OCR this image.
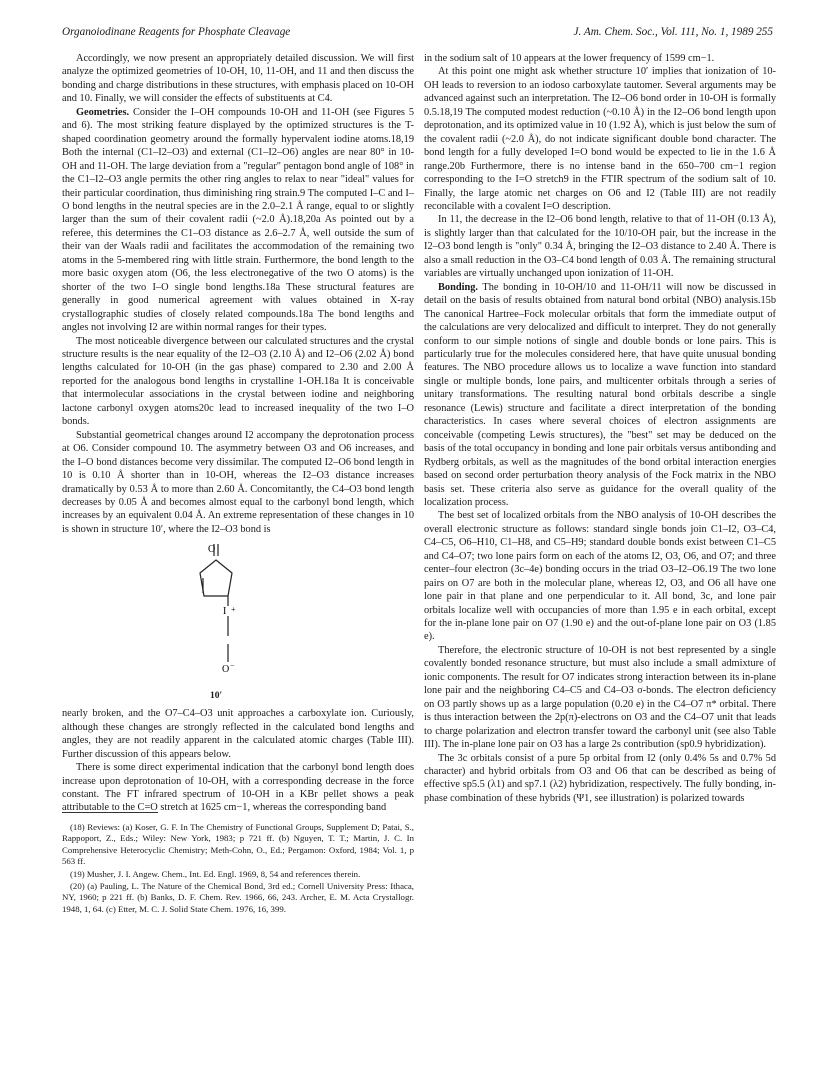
Organoiodinane Reagents for Phosphate Cleavage	J. Am. Chem. Soc., Vol. 111, No. 1, 1989 255

Accordingly, we now present an appropriately detailed discussion. We will first analyze the optimized geometries of 10-OH, 10, 11-OH, and 11 and then discuss the bonding and charge distributions in these structures, with emphasis placed on 10-OH and 10. Finally, we will consider the effects of substituents at C4.

Geometries. Consider the I–OH compounds 10-OH and 11-OH (see Figures 5 and 6). The most striking feature displayed by the optimized structures is the T-shaped coordination geometry around the formally hypervalent iodine atoms.18,19 Both the internal (C1–I2–O3) and external (C1–I2–O6) angles are near 80° in 10-OH and 11-OH. The large deviation from a "regular" pentagon bond angle of 108° in the C1–I2–O3 angle permits the other ring angles to relax to near "ideal" values for their particular coordination, thus diminishing ring strain.9 The computed I–C and I–O bond lengths in the neutral species are in the 2.0–2.1 Å range, equal to or slightly larger than the sum of their covalent radii (~2.0 Å).18,20a As pointed out by a referee, this determines the C1–O3 distance as 2.6–2.7 Å, well outside the sum of their van der Waals radii and facilitates the accommodation of the remaining two atoms in the 5-membered ring with little strain. Furthermore, the bond length to the more basic oxygen atom (O6, the less electronegative of the two O atoms) is the shorter of the two I–O single bond lengths.18a These structural features are generally in good numerical agreement with values obtained in X-ray crystallographic studies of closely related compounds.18a The bond lengths and angles not involving I2 are within normal ranges for their types.

The most noticeable divergence between our calculated structures and the crystal structure results is the near equality of the I2–O3 (2.10 Å) and I2–O6 (2.02 Å) bond lengths calculated for 10-OH (in the gas phase) compared to 2.30 and 2.00 Å reported for the analogous bond lengths in crystalline 1-OH.18a It is conceivable that intermolecular associations in the crystal between iodine and neighboring lactone carbonyl oxygen atoms20c lead to increased inequality of the two I–O bonds.

Substantial geometrical changes around I2 accompany the deprotonation process at O6. Consider compound 10. The asymmetry between O3 and O6 increases, and the I–O bond distances become very dissimilar. The computed I2–O6 bond length in 10 is 0.10 Å shorter than in 10-OH, whereas the I2–O3 distance increases dramatically by 0.53 Å to more than 2.60 Å. Concomitantly, the C4–O3 bond length decreases by 0.05 Å and becomes almost equal to the carbonyl bond length, which increases by an equivalent 0.04 Å. An extreme representation of these changes in 10 is shown in structure 10′, where the I2–O3 bond is

O
I +
O −
10′

nearly broken, and the O7–C4–O3 unit approaches a carboxylate ion. Curiously, although these changes are strongly reflected in the calculated bond lengths and angles, they are not readily apparent in the calculated atomic charges (Table III). Further discussion of this appears below.

There is some direct experimental indication that the carbonyl bond length does increase upon deprotonation of 10-OH, with a corresponding decrease in the force constant. The FT infrared spectrum of 10-OH in a KBr pellet shows a peak attributable to the C=O stretch at 1625 cm−1, whereas the corresponding band

(18) Reviews: (a) Koser, G. F. In The Chemistry of Functional Groups, Supplement D; Patai, S., Rappoport, Z., Eds.; Wiley: New York, 1983; p 721 ff. (b) Nguyen, T. T.; Martin, J. C. In Comprehensive Heterocyclic Chemistry; Meth-Cohn, O., Ed.; Pergamon: Oxford, 1984; Vol. 1, p 563 ff.

(19) Musher, J. I. Angew. Chem., Int. Ed. Engl. 1969, 8, 54 and references therein.

(20) (a) Pauling, L. The Nature of the Chemical Bond, 3rd ed.; Cornell University Press: Ithaca, NY, 1960; p 221 ff. (b) Banks, D. F. Chem. Rev. 1966, 66, 243. Archer, E. M. Acta Crystallogr. 1948, 1, 64. (c) Etter, M. C. J. Solid State Chem. 1976, 16, 399.

in the sodium salt of 10 appears at the lower frequency of 1599 cm−1.

At this point one might ask whether structure 10′ implies that ionization of 10-OH leads to reversion to an iodoso carboxylate tautomer. Several arguments may be advanced against such an interpretation. The I2–O6 bond order in 10-OH is formally 0.5.18,19 The computed modest reduction (~0.10 Å) in the I2–O6 bond length upon deprotonation, and its optimized value in 10 (1.92 Å), which is just below the sum of the covalent radii (~2.0 Å), do not indicate significant double bond character. The bond length for a fully developed I=O bond would be expected to lie in the 1.6 Å range.20b Furthermore, there is no intense band in the 650–700 cm−1 region corresponding to the I=O stretch9 in the FTIR spectrum of the sodium salt of 10. Finally, the large atomic net charges on O6 and I2 (Table III) are not readily reconcilable with a covalent I=O description.

In 11, the decrease in the I2–O6 bond length, relative to that of 11-OH (0.13 Å), is slightly larger than that calculated for the 10/10-OH pair, but the increase in the I2–O3 bond length is "only" 0.34 Å, bringing the I2–O3 distance to 2.40 Å. There is also a small reduction in the O3–C4 bond length of 0.03 Å. The remaining structural variables are virtually unchanged upon ionization of 11-OH.

Bonding. The bonding in 10-OH/10 and 11-OH/11 will now be discussed in detail on the basis of results obtained from natural bond orbital (NBO) analysis.15b The canonical Hartree–Fock molecular orbitals that form the immediate output of the calculations are very delocalized and difficult to interpret. They do not generally conform to our simple notions of single and double bonds or lone pairs. This is particularly true for the molecules considered here, that have quite unusual bonding features. The NBO procedure allows us to localize a wave function into standard single or multiple bonds, lone pairs, and multicenter orbitals through a series of unitary transformations. The resulting natural bond orbitals describe a single resonance (Lewis) structure and facilitate a direct interpretation of the bonding characteristics. In cases where several choices of electron assignments are conceivable (competing Lewis structures), the "best" set may be deduced on the basis of the total occupancy in bonding and lone pair orbitals versus antibonding and Rydberg orbitals, as well as the magnitudes of the bond orbital interaction energies based on second order perturbation theory analysis of the Fock matrix in the NBO basis set. These criteria also serve as guidance for the overall quality of the localization process.

The best set of localized orbitals from the NBO analysis of 10-OH describes the overall electronic structure as follows: standard single bonds join C1–I2, O3–C4, C4–C5, O6–H10, C1–H8, and C5–H9; standard double bonds exist between C1–C5 and C4–O7; two lone pairs form on each of the atoms I2, O3, O6, and O7; and three center–four electron (3c–4e) bonding occurs in the triad O3–I2–O6.19 The two lone pairs on O7 are both in the molecular plane, whereas I2, O3, and O6 all have one lone pair in that plane and one perpendicular to it. All bond, 3c, and lone pair orbitals localize well with occupancies of more than 1.95 e in each orbital, except for the in-plane lone pair on O7 (1.90 e) and the out-of-plane lone pair on O3 (1.85 e).

Therefore, the electronic structure of 10-OH is not best represented by a single covalently bonded resonance structure, but must also include a small admixture of ionic components. The result for O7 indicates strong interaction between its in-plane lone pair and the neighboring C4–C5 and C4–O3 σ-bonds. The electron deficiency on O3 partly shows up as a large population (0.20 e) in the C4–O7 π* orbital. There is thus interaction between the 2p(π)-electrons on O3 and the C4–O7 unit that leads to charge polarization and electron transfer toward the carbonyl unit (see also Table III). The in-plane lone pair on O3 has a large 2s contribution (sp0.9 hybridization).

The 3c orbitals consist of a pure 5p orbital from I2 (only 0.4% 5s and 0.7% 5d character) and hybrid orbitals from O3 and O6 that can be described as being of effective sp5.5 (λ1) and sp7.1 (λ2) hybridization, respectively. The fully bonding, in-phase combination of these hybrids (Ψ1, see illustration) is polarized towards
